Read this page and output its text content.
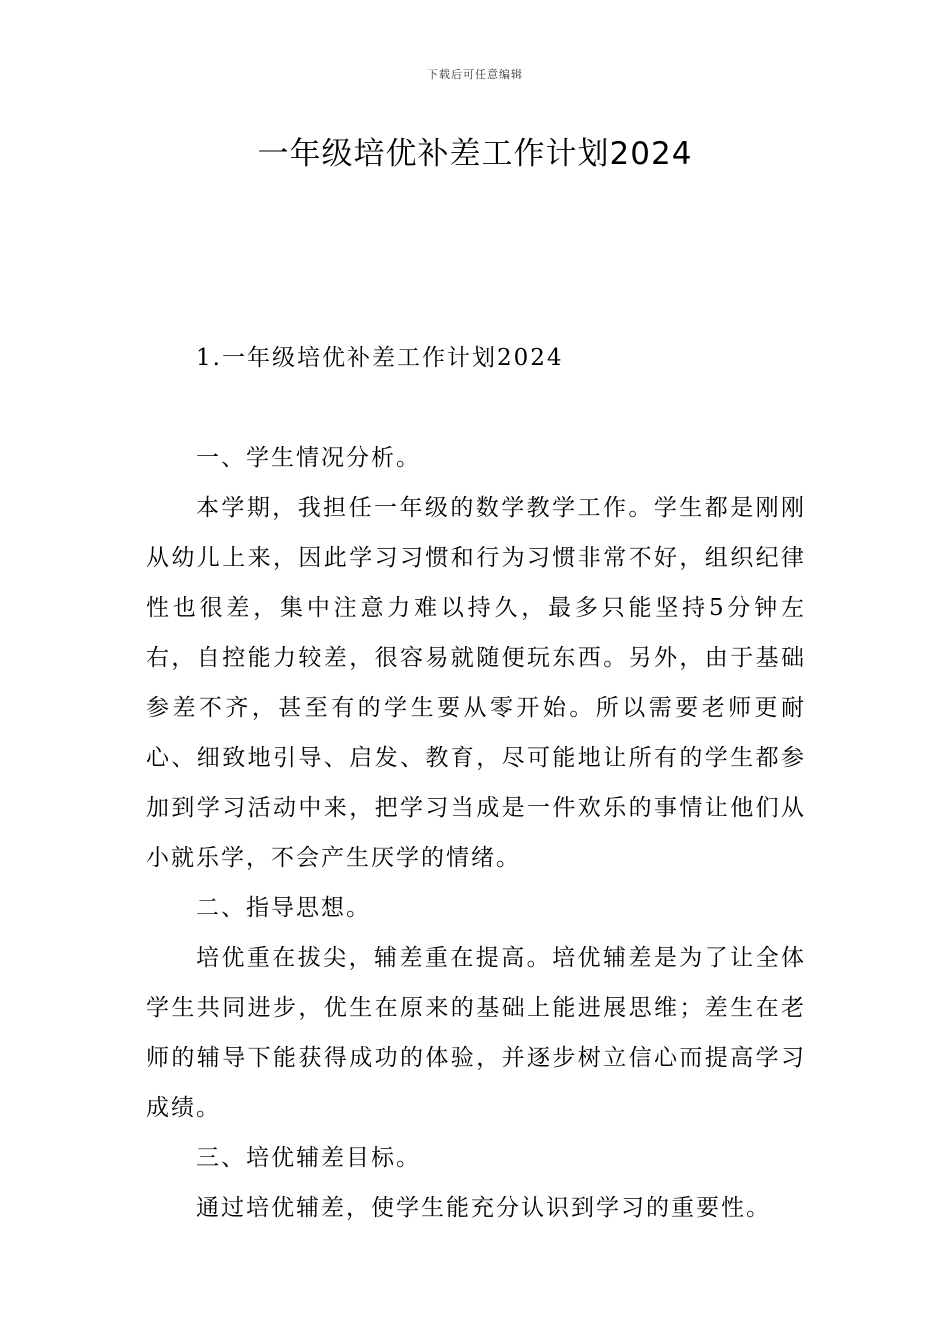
下载后可任意编辑
一年级培优补差工作计划2024

1.一年级培优补差工作计划2024

一、学生情况分析。

本学期，我担任一年级的数学教学工作。学生都是刚刚从幼儿上来，因此学习习惯和行为习惯非常不好，组织纪律性也很差，集中注意力难以持久，最多只能坚持5分钟左右，自控能力较差，很容易就随便玩东西。另外，由于基础参差不齐，甚至有的学生要从零开始。所以需要老师更耐心、细致地引导、启发、教育，尽可能地让所有的学生都参加到学习活动中来，把学习当成是一件欢乐的事情让他们从小就乐学，不会产生厌学的情绪。

二、指导思想。

培优重在拔尖，辅差重在提高。培优辅差是为了让全体学生共同进步，优生在原来的基础上能进展思维；差生在老师的辅导下能获得成功的体验，并逐步树立信心而提高学习成绩。

三、培优辅差目标。

通过培优辅差，使学生能充分认识到学习的重要性。
